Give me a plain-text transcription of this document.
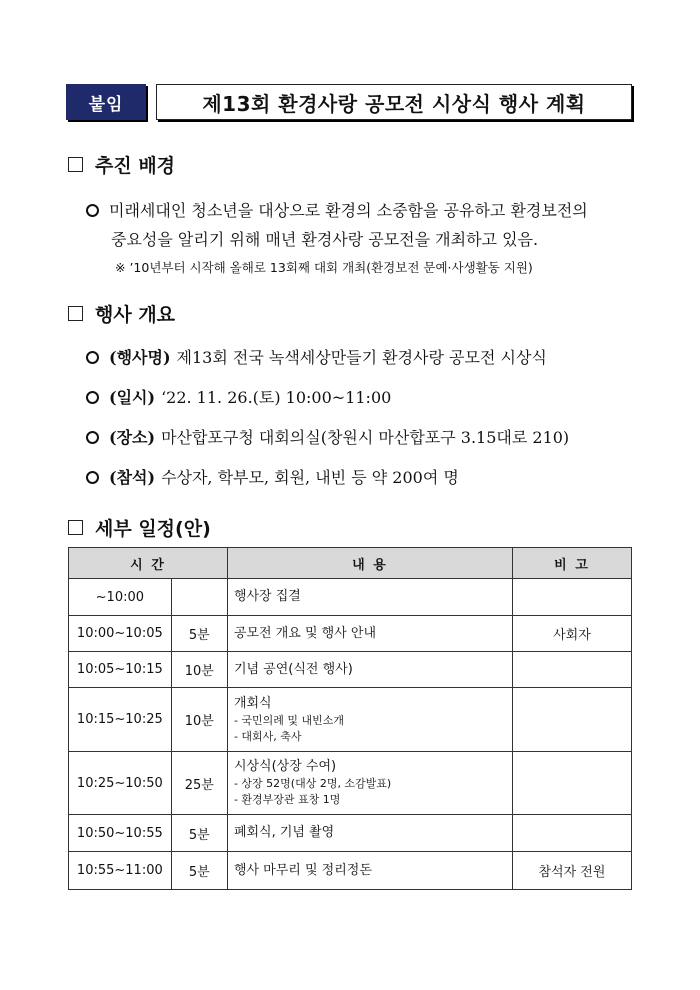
붙임	제13회 환경사랑 공모전 시상식 행사 계획
추진 배경
미래세대인 청소년을 대상으로 환경의 소중함을 공유하고 환경보전의
중요성을 알리기 위해 매년 환경사랑 공모전을 개최하고 있음.
※ ’10년부터 시작해 올해로 13회째 대회 개최(환경보전 문예·사생활동 지원)
행사 개요
(행사명) 제13회 전국 녹색세상만들기 환경사랑 공모전 시상식
(일시) ‘22. 11. 26.(토) 10:00~11:00
(장소) 마산합포구청 대회의실(창원시 마산합포구 3.15대로 210)
(참석) 수상자, 학부모, 회원, 내빈 등 약 200여 명
세부 일정(안)
시 간		내 용	비 고
~10:00		행사장 집결	

10:00~10:05	5분	공모전 개요 및 행사 안내	사회자
10:05~10:15	10분	기념 공연(식전 행사)	

10:15~10:25	10분	개회식
- 국민의례 및 내빈소개
- 대회사, 축사	

10:25~10:50	25분	시상식(상장 수여)
- 상장 52명(대상 2명, 소감발표)
- 환경부장관 표창 1명	

10:50~10:55	5분	폐회식, 기념 촬영	

10:55~11:00	5분	행사 마무리 및 정리정돈	참석자 전원
